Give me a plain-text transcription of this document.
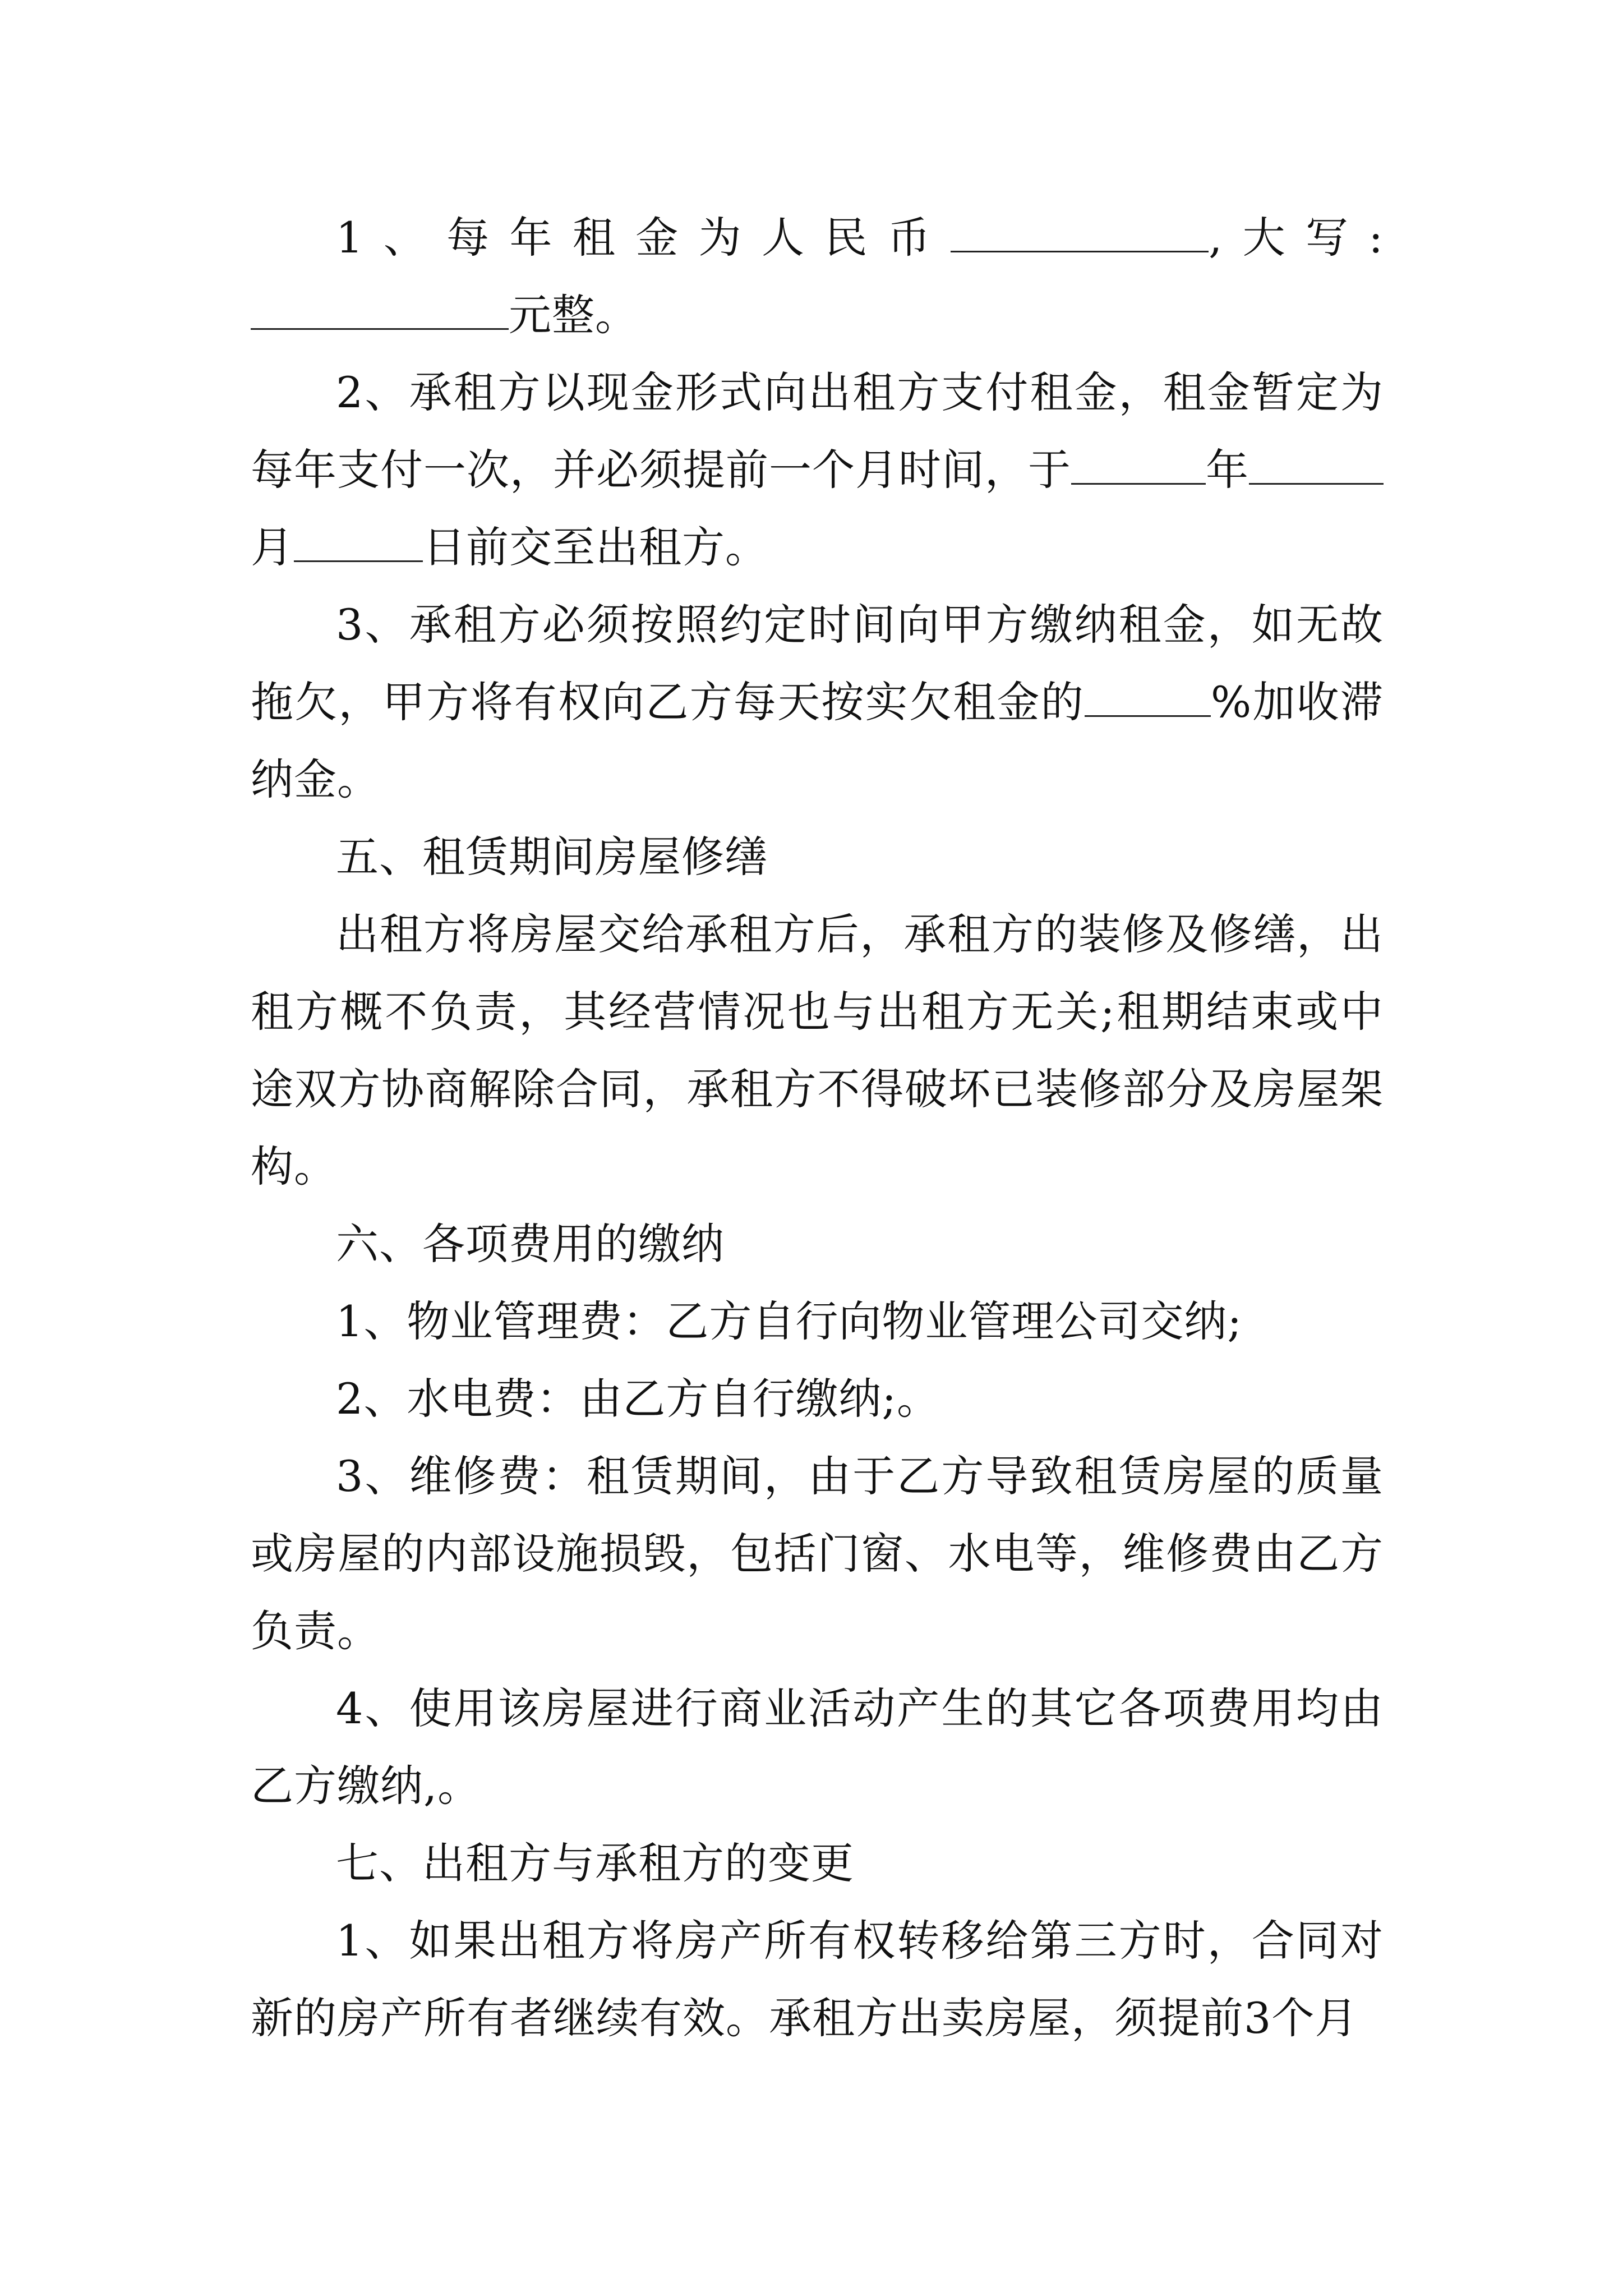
1、每年租金为人民币	,大写: 元整。

2、承租方以现金形式向出租方支付租金，租金暂定为每年支付一次，并必须提前一个月时间，于	年月	日前交至出租方。

3、承租方必须按照约定时间向甲方缴纳租金，如无故拖欠，甲方将有权向乙方每天按实欠租金的	%加收滞纳金。

五、租赁期间房屋修缮

出租方将房屋交给承租方后，承租方的装修及修缮，出租方概不负责，其经营情况也与出租方无关;租期结束或中途双方协商解除合同，承租方不得破坏已装修部分及房屋架构。

六、各项费用的缴纳

1、物业管理费：乙方自行向物业管理公司交纳;

2、水电费：由乙方自行缴纳;。

3、维修费：租赁期间，由于乙方导致租赁房屋的质量或房屋的内部设施损毁，包括门窗、水电等，维修费由乙方负责。

4、使用该房屋进行商业活动产生的其它各项费用均由乙方缴纳,。

七、出租方与承租方的变更

1、如果出租方将房产所有权转移给第三方时，合同对新的房产所有者继续有效。承租方出卖房屋，须提前3个月
